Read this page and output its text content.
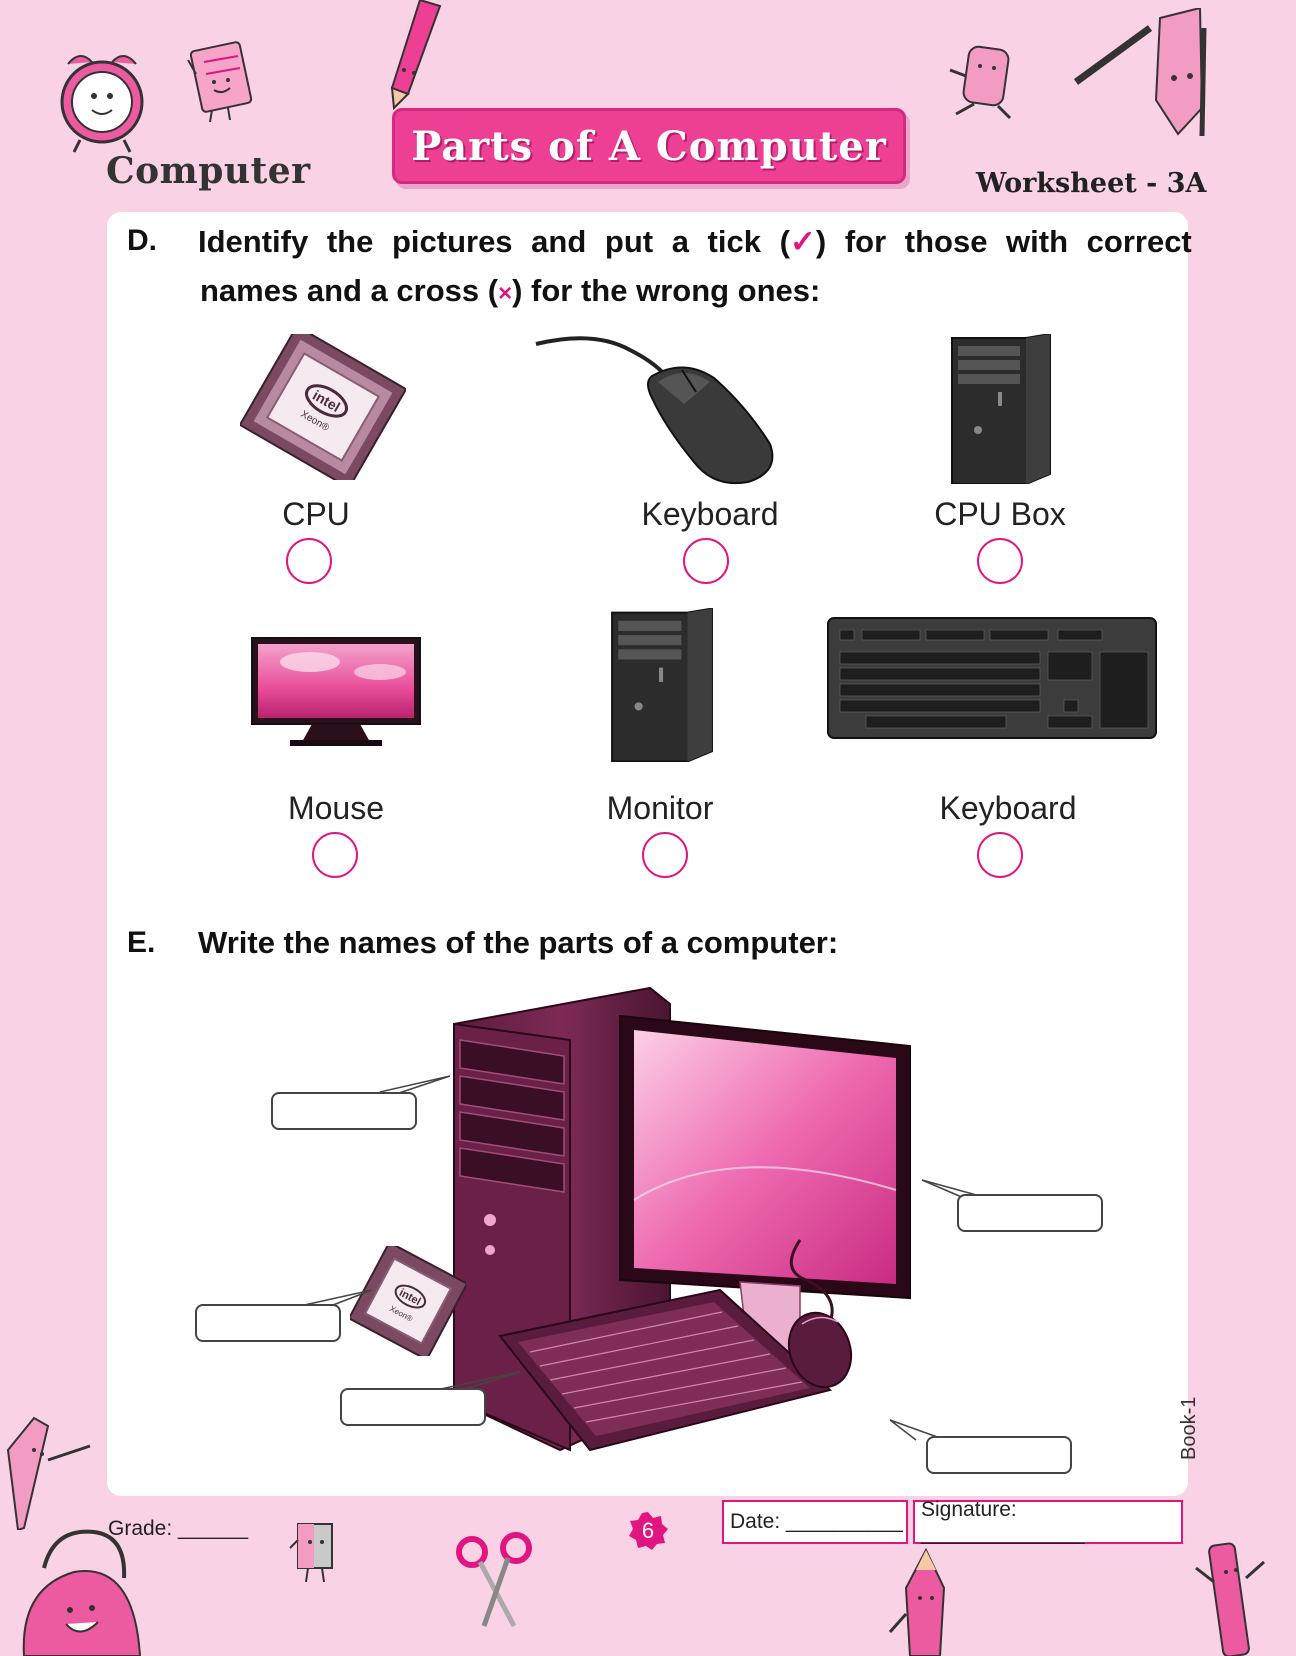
Computer
Parts of A Computer
Worksheet - 3A
D. Identify the pictures and put a tick (✓) for those with correct
names and a cross (×) for the wrong ones:
intel
Xeon®
CPU	Keyboard	CPU Box
Mouse	Monitor	Keyboard
E. Write the names of the parts of a computer:
intel
Xeon®
Grade: ______	6	Date: __________
Signature: ______________
Book-1
